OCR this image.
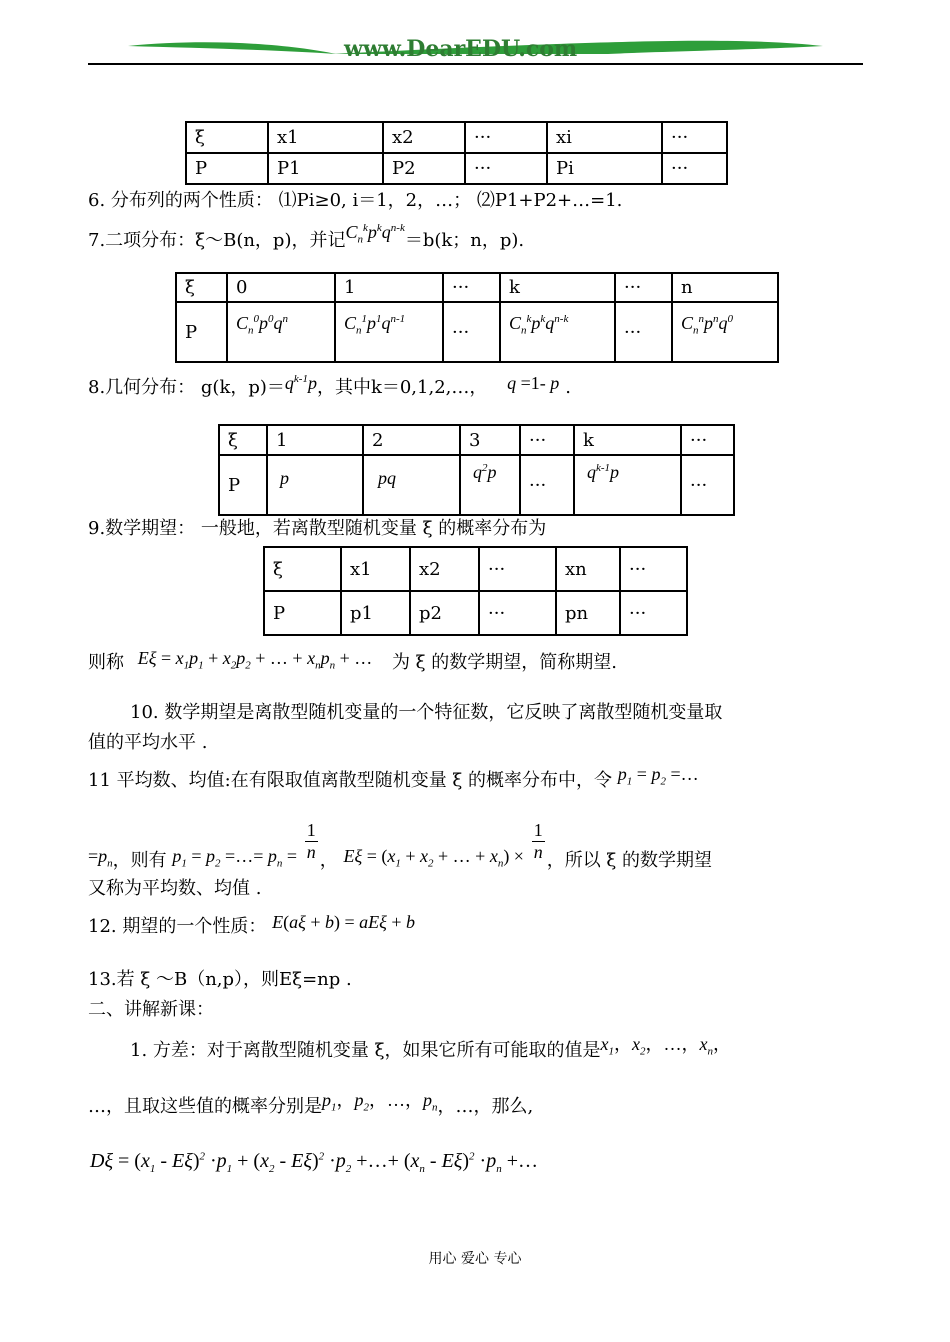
www.DearEDU.com
ξ	x1	x2	···	xi	···
P	P1	P2	···	Pi	···
6. 分布列的两个性质： ⑴Pi≥0, i＝1，2，…； ⑵P1+P2+…=1.
7.二项分布：ξ～B(n，p)，并记$C_n^kp^kq^{n-k}=b(k$；n，p).
ξ	0	1	···	k	···	n
P	$C_n^0p^0q^n$	$C_n^1p^1q^{n-1}$	···	$C_n^kp^kq^{n-k}$	···	$C_n^np^nq^0$
8.几何分布： g(k，$p)=q^{k-1}p$，其中k＝0,1,2,…， q =1- p .
ξ	1	2	3	···	k	···
P	p	pq	$q^2p$	···	$q^{k-1}p$	···
9.数学期望： 一般地，若离散型随机变量 ξ 的概率分布为
ξ	x1	x2	···	xn	···
P	p1	p2	···	pn	···
则称 $E\xi = x_1p_1 + x_2p_2$ + … + $x_np_n$ + … 为 ξ 的数学期望，简称期望.
10. 数学期望是离散型随机变量的一个特征数，它反映了离散型随机变量取
值的平均水平 .
11 平均数、均值:在有限取值离散型随机变量 ξ 的概率分布中，令 $p_1 = p_2$ =…
$=p_n$，则有 $p_1 = p_2$ =…= $p_n = \frac{1}{n}$ ， $E\xi = (x_1 + x_2$ + … + $x_n) \times \frac{1}{n}$ ，所以 ξ 的数学期望
又称为平均数、均值 .
12. 期望的一个性质： E(aξ + b) = aEξ + b
13.若 ξ ～B（n,p），则Eξ=np .
二、讲解新课：
1. 方差：对于离散型随机变量 ξ，如果它所有可能取的值是$x_1$，$x_2$，…，$x_n$，
…，且取这些值的概率分别是$p_1$，$p_2$，…，$p_n$，…，那么,
$D\xi = (x_1 - E\xi)^2 \cdot p_1 + (x_2 - E\xi)^2 \cdot p_2$ +…+ $(x_n - E\xi)^2 \cdot p_n$ +…
用心 爱心 专心
